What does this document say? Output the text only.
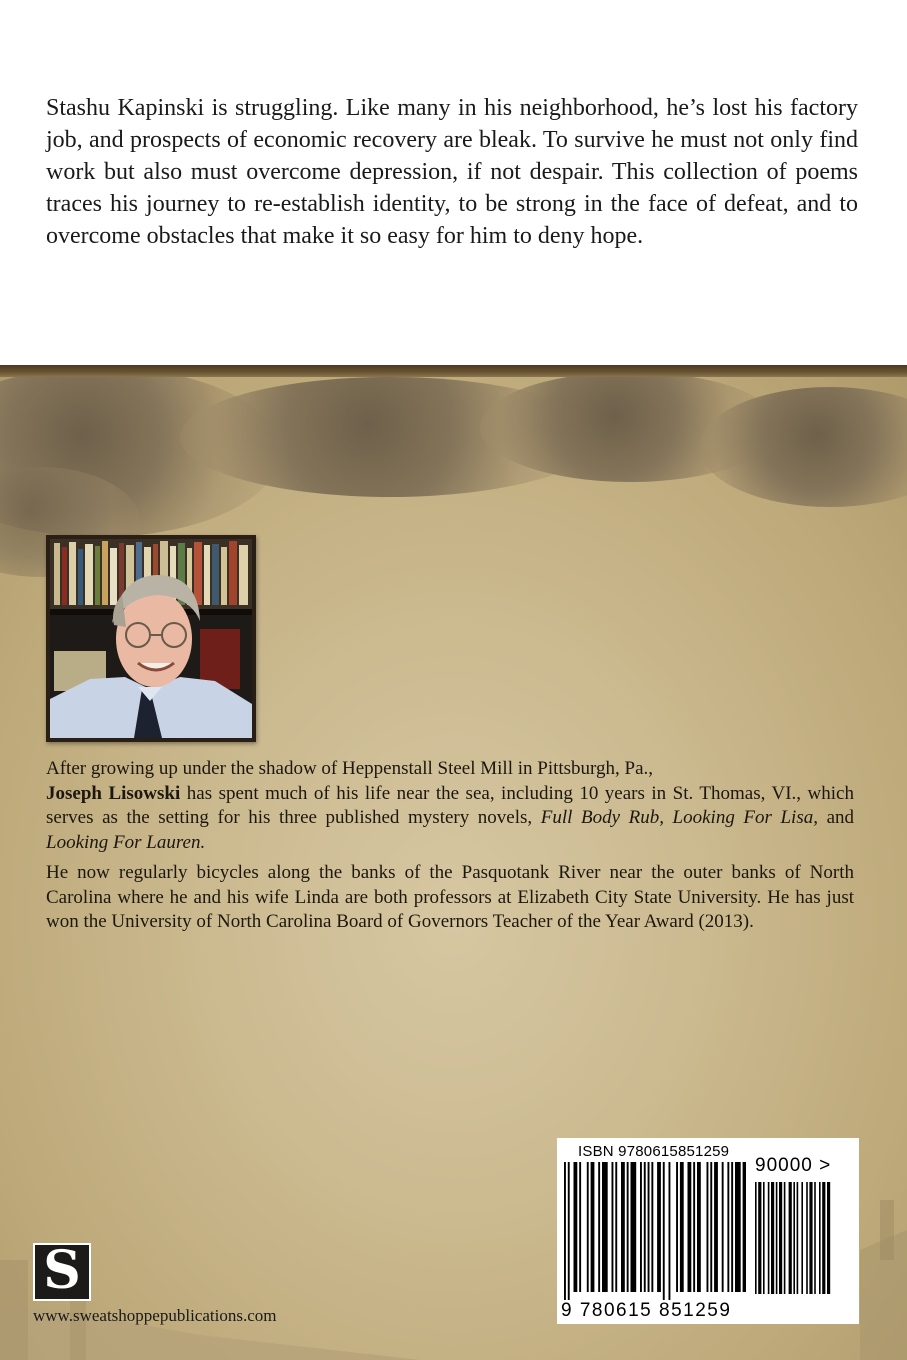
Stashu Kapinski is struggling. Like many in his neighborhood, he’s lost his factory job, and prospects of economic recovery are bleak. To survive he must not only find work but also must overcome depression, if not despair. This collection of poems traces his journey to re-establish identity, to be strong in the face of defeat, and to overcome obstacles that make it so easy for him to deny hope.

After growing up under the shadow of Heppenstall Steel Mill in Pittsburgh, Pa.,
Joseph Lisowski has spent much of his life near the sea, including 10 years in St. Thomas, VI., which serves as the setting for his three published mystery novels, Full Body Rub, Looking For Lisa, and Looking For Lauren.

He now regularly bicycles along the banks of the Pasquotank River near the outer banks of North Carolina where he and his wife Linda are both professors at Elizabeth City State University. He has just won the University of North Carolina Board of Governors Teacher of the Year Award (2013).

ISBN 9780615851259
90000 >
9 780615 851259
S
www.sweatshoppepublications.com
